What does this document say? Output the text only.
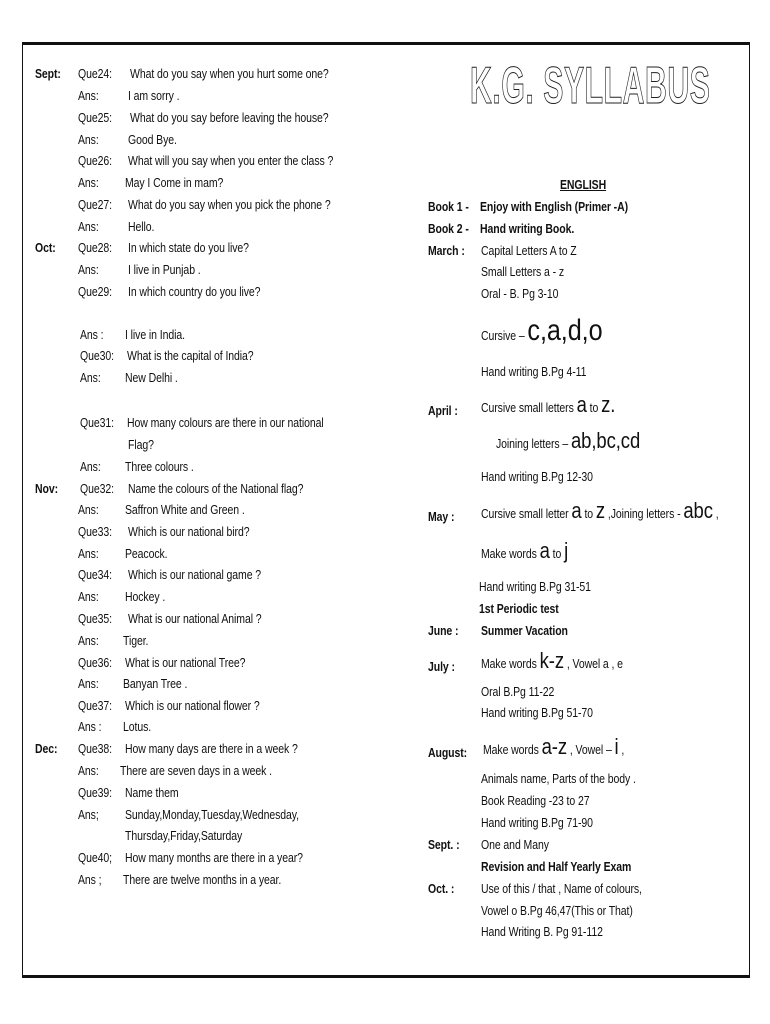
K.G. SYLLABUS
Sept: Que24: What do you say when you hurt some one?
Ans: I am sorry .
Que25: What do you say before leaving the house?
Ans: Good Bye.
Que26: What will you say when you enter the class ?
Ans: May I Come in mam?
Que27: What do you say when you pick the phone ?
Ans: Hello.
Oct: Que28: In which state do you live?
Ans: I live in Punjab .
Que29: In which country do you live?
Ans : I live in India.
Que30: What is the capital of India?
Ans: New Delhi .
Que31: How many colours are there in our national
Flag?
Ans: Three colours .
Nov: Que32: Name the colours of the National flag?
Ans: Saffron White and Green .
Que33: Which is our national bird?
Ans: Peacock.
Que34: Which is our national game ?
Ans: Hockey .
Que35: What is our national Animal ?
Ans: Tiger.
Que36: What is our national Tree?
Ans: Banyan Tree .
Que37: Which is our national flower ?
Ans : Lotus.
Dec: Que38: How many days are there in a week ?
Ans: There are seven days in a week .
Que39: Name them
Ans; Sunday,Monday,Tuesday,Wednesday,
Thursday,Friday,Saturday
Que40; How many months are there in a year?
Ans ; There are twelve months in a year.
ENGLISH
Book 1 - Enjoy with English (Primer -A)
Book 2 - Hand writing Book.
March : Capital Letters A to Z
Small Letters a - z
Oral - B. Pg 3-10
Cursive – c,a,d,o
Hand writing B.Pg 4-11
April : Cursive small letters a to z.
Joining letters – ab,bc,cd
Hand writing B.Pg 12-30
May : Cursive small letter a to z ,Joining letters - abc ,
Make words a to j
Hand writing B.Pg 31-51
1st Periodic test
June : Summer Vacation
July : Make words k-z , Vowel a , e
Oral B.Pg 11-22
Hand writing B.Pg 51-70
August: Make words a-z , Vowel – i ,
Animals name, Parts of the body .
Book Reading -23 to 27
Hand writing B.Pg 71-90
Sept. : One and Many
Revision and Half Yearly Exam
Oct. : Use of this / that , Name of colours,
Vowel o B.Pg 46,47(This or That)
Hand Writing B. Pg 91-112
